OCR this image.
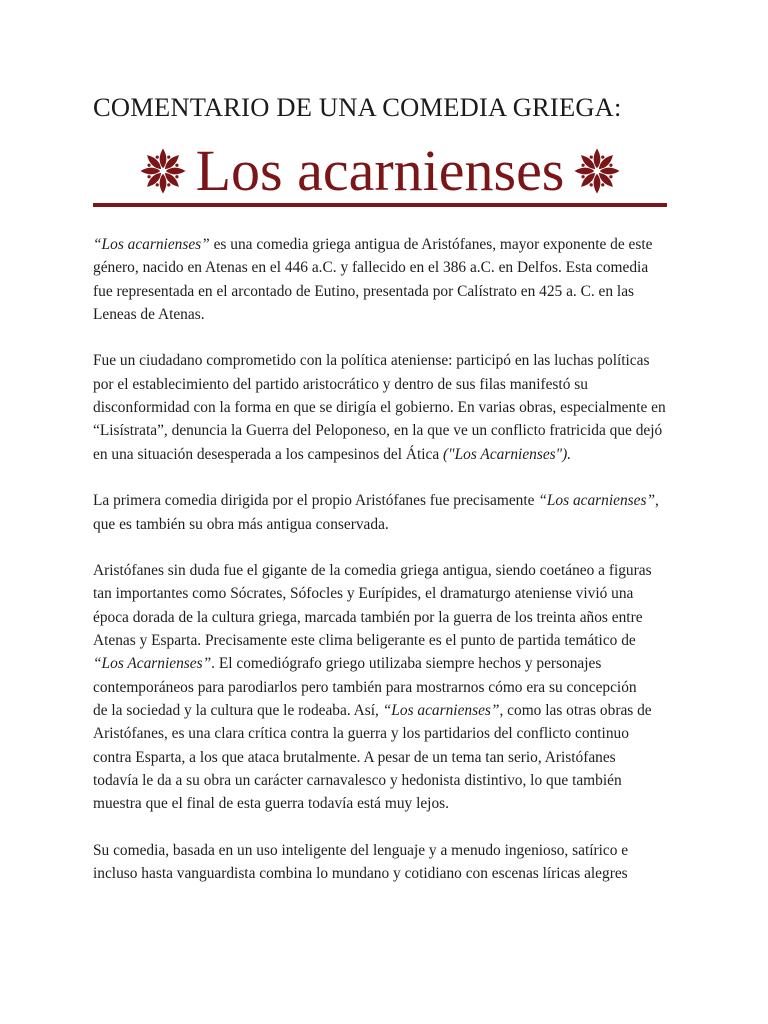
COMENTARIO DE UNA COMEDIA GRIEGA:
Los acarnienses

“Los acarnienses” es una comedia griega antigua de Aristófanes, mayor exponente de este
género, nacido en Atenas en el 446 a.C. y fallecido en el 386 a.C. en Delfos. Esta comedia
fue representada en el arcontado de Eutino, presentada por Calístrato en 425 a. C. en las
Leneas de Atenas.

Fue un ciudadano comprometido con la política ateniense: participó en las luchas políticas
por el establecimiento del partido aristocrático y dentro de sus filas manifestó su
disconformidad con la forma en que se dirigía el gobierno. En varias obras, especialmente en
“Lisístrata”, denuncia la Guerra del Peloponeso, en la que ve un conflicto fratricida que dejó
en una situación desesperada a los campesinos del Ática ("Los Acarnienses").

La primera comedia dirigida por el propio Aristófanes fue precisamente “Los acarnienses”,
que es también su obra más antigua conservada.

Aristófanes sin duda fue el gigante de la comedia griega antigua, siendo coetáneo a figuras
tan importantes como Sócrates, Sófocles y Eurípides, el dramaturgo ateniense vivió una
época dorada de la cultura griega, marcada también por la guerra de los treinta años entre
Atenas y Esparta. Precisamente este clima beligerante es el punto de partida temático de
“Los Acarnienses”. El comediógrafo griego utilizaba siempre hechos y personajes
contemporáneos para parodiarlos pero también para mostrarnos cómo era su concepción
de la sociedad y la cultura que le rodeaba. Así, “Los acarnienses”, como las otras obras de
Aristófanes, es una clara crítica contra la guerra y los partidarios del conflicto continuo
contra Esparta, a los que ataca brutalmente. A pesar de un tema tan serio, Aristófanes
todavía le da a su obra un carácter carnavalesco y hedonista distintivo, lo que también
muestra que el final de esta guerra todavía está muy lejos.

Su comedia, basada en un uso inteligente del lenguaje y a menudo ingenioso, satírico e
incluso hasta vanguardista combina lo mundano y cotidiano con escenas líricas alegres
